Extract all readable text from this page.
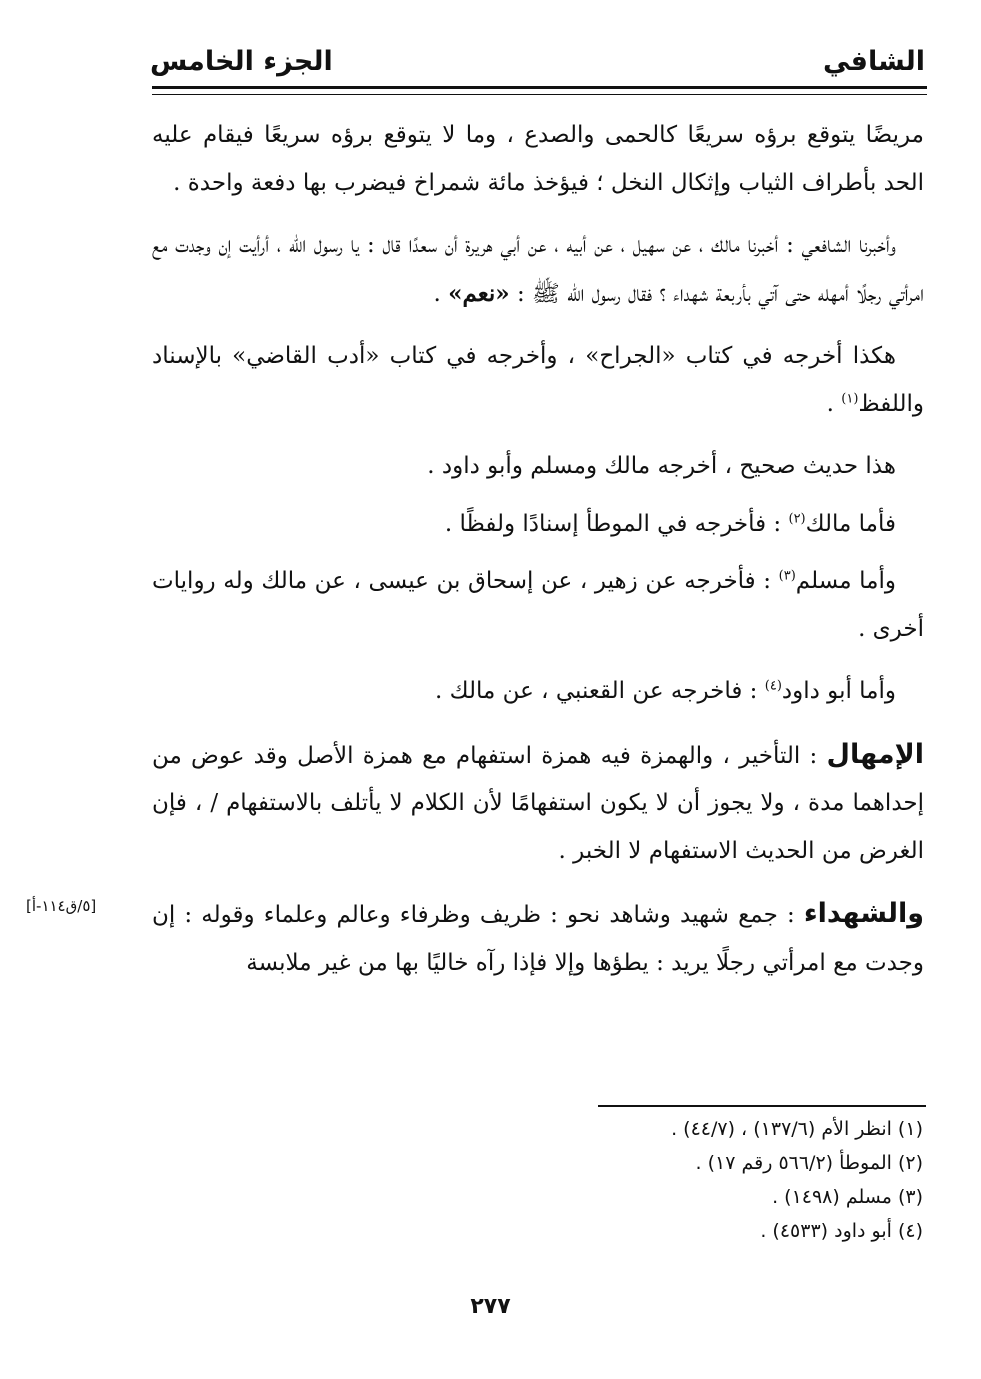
الشافي
الجزء الخامس

مريضًا يتوقع برؤه سريعًا كالحمى والصدع ، وما لا يتوقع برؤه سريعًا فيقام عليه الحد بأطراف الثياب وإثكال النخل ؛ فيؤخذ مائة شمراخ فيضرب بها دفعة واحدة .

وأخبرنا الشافعي : أخبرنا مالك ، عن سهيل ، عن أبيه ، عن أبي هريرة أن سعدًا قال : يا رسول الله ، أرأيت إن وجدت مع امرأتي رجلًا أمهله حتى آتي بأربعة شهداء ؟ فقال رسول الله ﷺ : «نعم» .

هكذا أخرجه في كتاب «الجراح» ، وأخرجه في كتاب «أدب القاضي» بالإسناد واللفظ$^{(١)}$ .

هذا حديث صحيح ، أخرجه مالك ومسلم وأبو داود .

فأما مالك$^{(٢)}$ : فأخرجه في الموطأ إسنادًا ولفظًا .

وأما مسلم$^{(٣)}$ : فأخرجه عن زهير ، عن إسحاق بن عيسى ، عن مالك وله روايات أخرى .

وأما أبو داود$^{(٤)}$ : فاخرجه عن القعنبي ، عن مالك .

الإمهال : التأخير ، والهمزة فيه همزة استفهام مع همزة الأصل وقد عوض من إحداهما مدة ، ولا يجوز أن لا يكون استفهامًا لأن الكلام لا يأتلف بالاستفهام / ، فإن الغرض من الحديث الاستفهام لا الخبر .

والشهداء : جمع شهيد وشاهد نحو : ظريف وظرفاء وعالم وعلماء وقوله : إن وجدت مع امرأتي رجلًا يريد : يطؤها وإلا فإذا رآه خاليًا بها من غير ملابسة

[٥/ق١١٤-أ]
(١) انظر الأم (١٣٧/٦) ، (٤٤/٧) .
(٢) الموطأ (٥٦٦/٢ رقم ١٧) .
(٣) مسلم (١٤٩٨) .
(٤) أبو داود (٤٥٣٣) .
٢٧٧
